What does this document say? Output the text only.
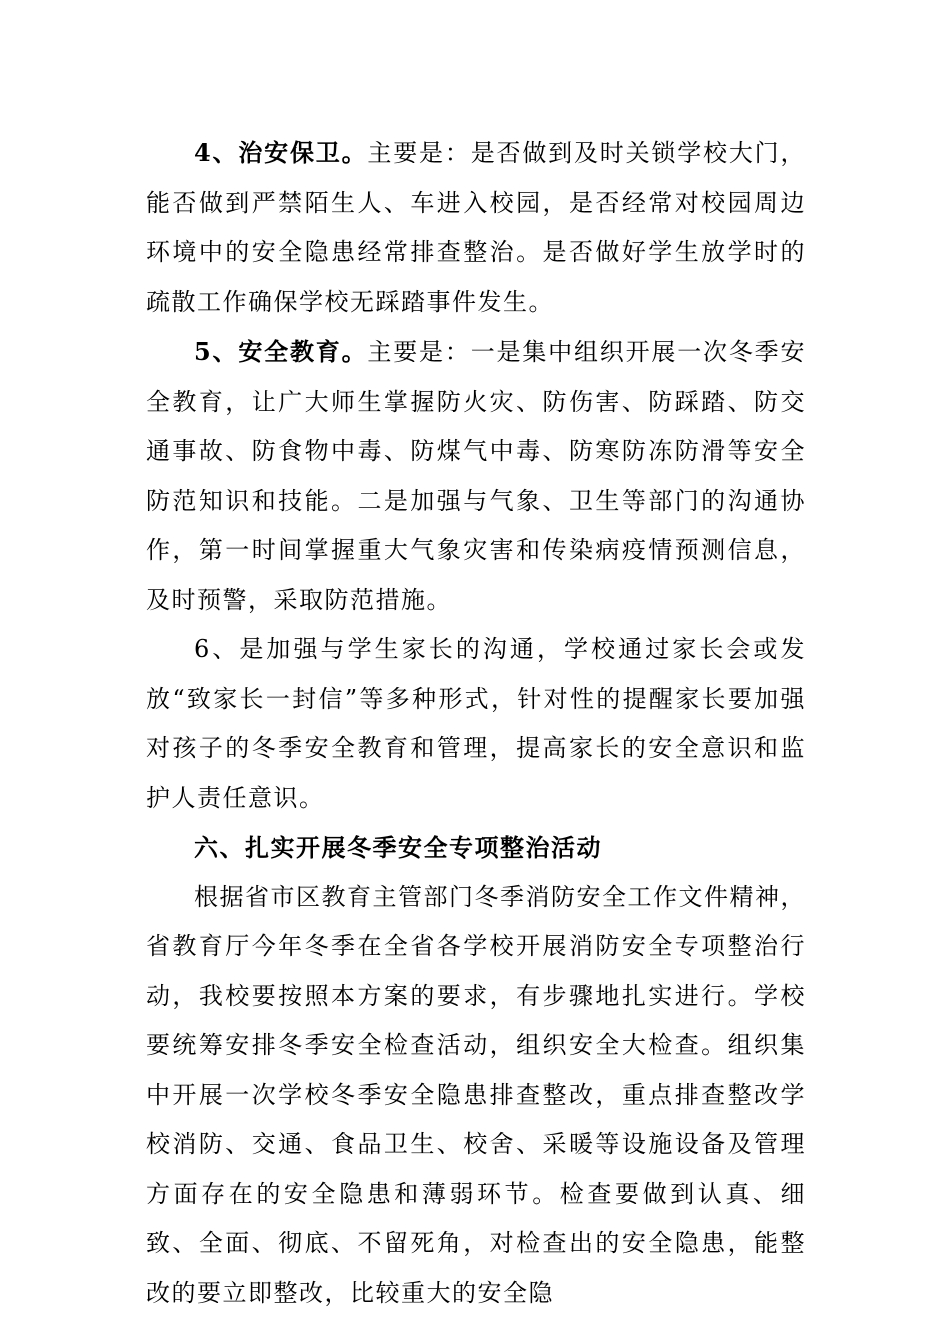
4、治安保卫。主要是：是否做到及时关锁学校大门，能否做到严禁陌生人、车进入校园，是否经常对校园周边环境中的安全隐患经常排查整治。是否做好学生放学时的疏散工作确保学校无踩踏事件发生。

5、安全教育。主要是：一是集中组织开展一次冬季安全教育，让广大师生掌握防火灾、防伤害、防踩踏、防交通事故、防食物中毒、防煤气中毒、防寒防冻防滑等安全防范知识和技能。二是加强与气象、卫生等部门的沟通协作，第一时间掌握重大气象灾害和传染病疫情预测信息，及时预警，采取防范措施。

6、是加强与学生家长的沟通，学校通过家长会或发放“致家长一封信”等多种形式，针对性的提醒家长要加强对孩子的冬季安全教育和管理，提高家长的安全意识和监护人责任意识。

六、扎实开展冬季安全专项整治活动

根据省市区教育主管部门冬季消防安全工作文件精神，省教育厅今年冬季在全省各学校开展消防安全专项整治行动，我校要按照本方案的要求，有步骤地扎实进行。学校要统筹安排冬季安全检查活动，组织安全大检查。组织集中开展一次学校冬季安全隐患排查整改，重点排查整改学校消防、交通、食品卫生、校舍、采暖等设施设备及管理方面存在的安全隐患和薄弱环节。检查要做到认真、细致、全面、彻底、不留死角，对检查出的安全隐患，能整改的要立即整改，比较重大的安全隐
